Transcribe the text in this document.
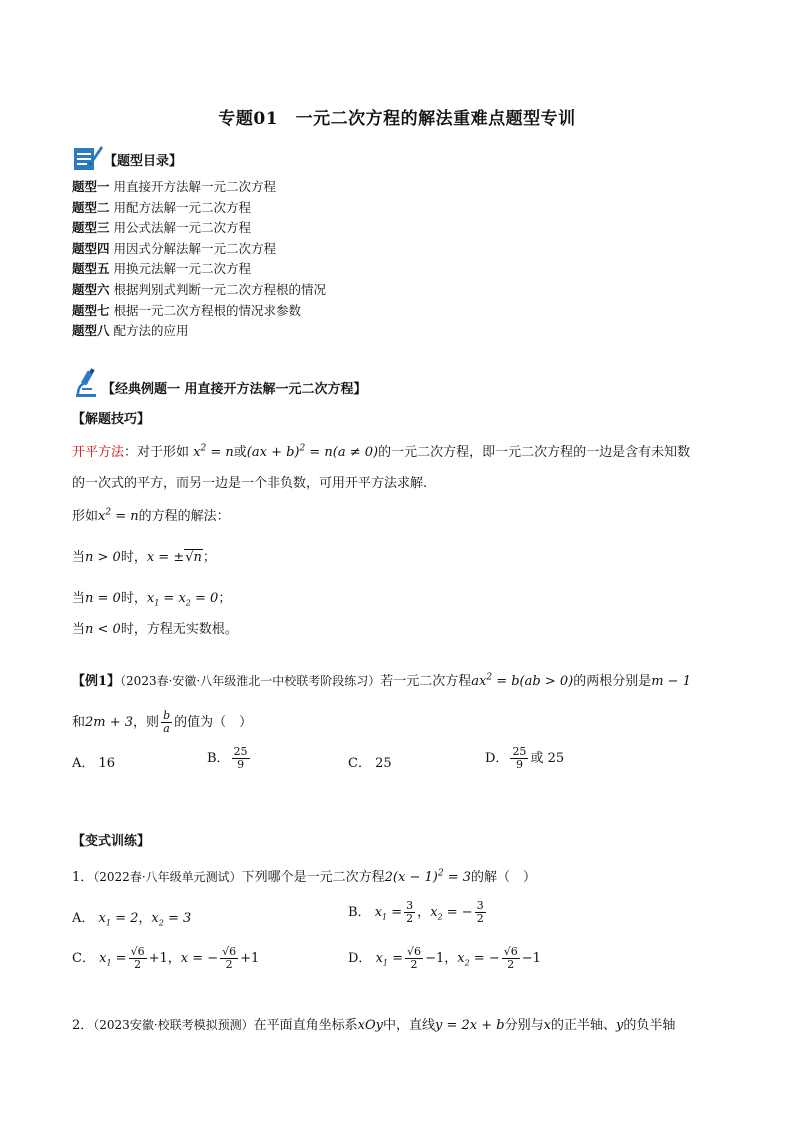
专题01　一元二次方程的解法重难点题型专训
【题型目录】
题型一 用直接开方法解一元二次方程
题型二 用配方法解一元二次方程
题型三 用公式法解一元二次方程
题型四 用因式分解法解一元二次方程
题型五 用换元法解一元二次方程
题型六 根据判别式判断一元二次方程根的情况
题型七 根据一元二次方程根的情况求参数
题型八 配方法的应用
【经典例题一 用直接开方法解一元二次方程】
【解题技巧】
开平方法：对于形如 $x^2 = n$或(ax + b)$^2$ = n(a ≠ 0)的一元二次方程，即一元二次方程的一边是含有未知数
的一次式的平方，而另一边是一个非负数，可用开平方法求解.
形如$x^2 = n$的方程的解法：
当n > 0时，x = ±√n；
当n = 0时，$x_1 = x_2 = 0$；
当n < 0时，方程无实数根。
【例1】（2023春·安徽·八年级淮北一中校联考阶段练习）若一元二次方程$ax^2 = b(ab > 0)$的两根分别是m − 1
和2m + 3，则 $\frac{b}{a}$ 的值为（　）
A． 16	B． $\frac{25}{9}$	C． 25	D． $\frac{25}{9}$ 或 25
【变式训练】
1．（2022春·八年级单元测试）下列哪个是一元二次方程$2(x - 1)^2 = 3$的解（　）
A． $x_1 = 2$，$x_2 = 3$	B． $x_1 = \frac{3}{2}$ ，$x_2$ = − $\frac{3}{2}$
C． $x_1 = \frac{√6}{2} +1$，x = − $\frac{√6}{2} +1$	D． $x_1 = \frac{√6}{2} -1$，$x_2$ = − $\frac{√6}{2} -1$
2．（2023安徽·校联考模拟预测）在平面直角坐标系xOy中，直线y = 2x + b分别与x的正半轴、y的负半轴
